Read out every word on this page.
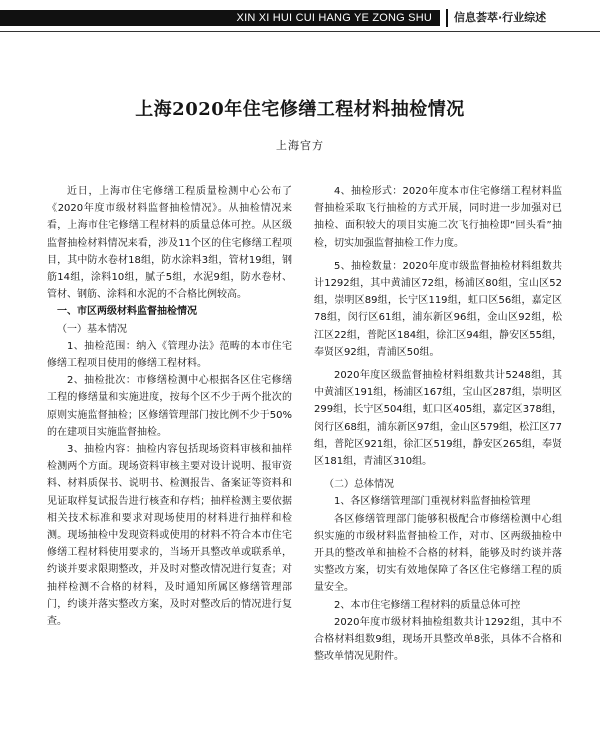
XIN XI HUI CUI HANG YE ZONG SHU	信息荟萃·行业综述
上海2020年住宅修缮工程材料抽检情况
上海官方

近日，上海市住宅修缮工程质量检测中心公布了《2020年度市级材料监督抽检情况》。从抽检情况来看，上海市住宅修缮工程材料的质量总体可控。从区级监督抽检材料情况来看，涉及11个区的住宅修缮工程项目，其中防水卷材18组，防水涂料3组，管材19组，钢筋14组，涂料10组，腻子5组，水泥9组，防水卷材、管材、钢筋、涂料和水泥的不合格比例较高。

一、市区两级材料监督抽检情况

（一）基本情况

1、抽检范围：纳入《管理办法》范畴的本市住宅修缮工程项目使用的修缮工程材料。

2、抽检批次：市修缮检测中心根据各区住宅修缮工程的修缮量和实施进度，按每个区不少于两个批次的原则实施监督抽检；区修缮管理部门按比例不少于50%的在建项目实施监督抽检。

3、抽检内容：抽检内容包括现场资料审核和抽样检测两个方面。现场资料审核主要对设计说明、报审资料、材料质保书、说明书、检测报告、备案证等资料和见证取样复试报告进行核查和存档；抽样检测主要依据相关技术标准和要求对现场使用的材料进行抽样和检测。现场抽检中发现资料或使用的材料不符合本市住宅修缮工程材料使用要求的，当场开具整改单或联系单，约谈并要求限期整改，并及时对整改情况进行复查；对抽样检测不合格的材料，及时通知所属区修缮管理部门，约谈并落实整改方案，及时对整改后的情况进行复查。

4、抽检形式：2020年度本市住宅修缮工程材料监督抽检采取飞行抽检的方式开展，同时进一步加强对已抽检、面积较大的项目实施二次飞行抽检即“回头看”抽检，切实加强监督抽检工作力度。

5、抽检数量：2020年度市级监督抽检材料组数共计1292组，其中黄浦区72组，杨浦区80组，宝山区52组，崇明区89组，长宁区119组，虹口区56组，嘉定区78组，闵行区61组，浦东新区96组，金山区92组，松江区22组，普陀区184组，徐汇区94组，静安区55组，奉贤区92组，青浦区50组。

2020年度区级监督抽检材料组数共计5248组，其中黄浦区191组，杨浦区167组，宝山区287组，崇明区299组，长宁区504组，虹口区405组，嘉定区378组，闵行区68组，浦东新区97组，金山区579组，松江区77组，普陀区921组，徐汇区519组，静安区265组，奉贤区181组，青浦区310组。

（二）总体情况

1、各区修缮管理部门重视材料监督抽检管理

各区修缮管理部门能够积极配合市修缮检测中心组织实施的市级材料监督抽检工作，对市、区两级抽检中开具的整改单和抽检不合格的材料，能够及时约谈并落实整改方案，切实有效地保障了各区住宅修缮工程的质量安全。

2、本市住宅修缮工程材料的质量总体可控

2020年度市级材料抽检组数共计1292组，其中不合格材料组数9组，现场开具整改单8张，具体不合格和整改单情况见附件。
